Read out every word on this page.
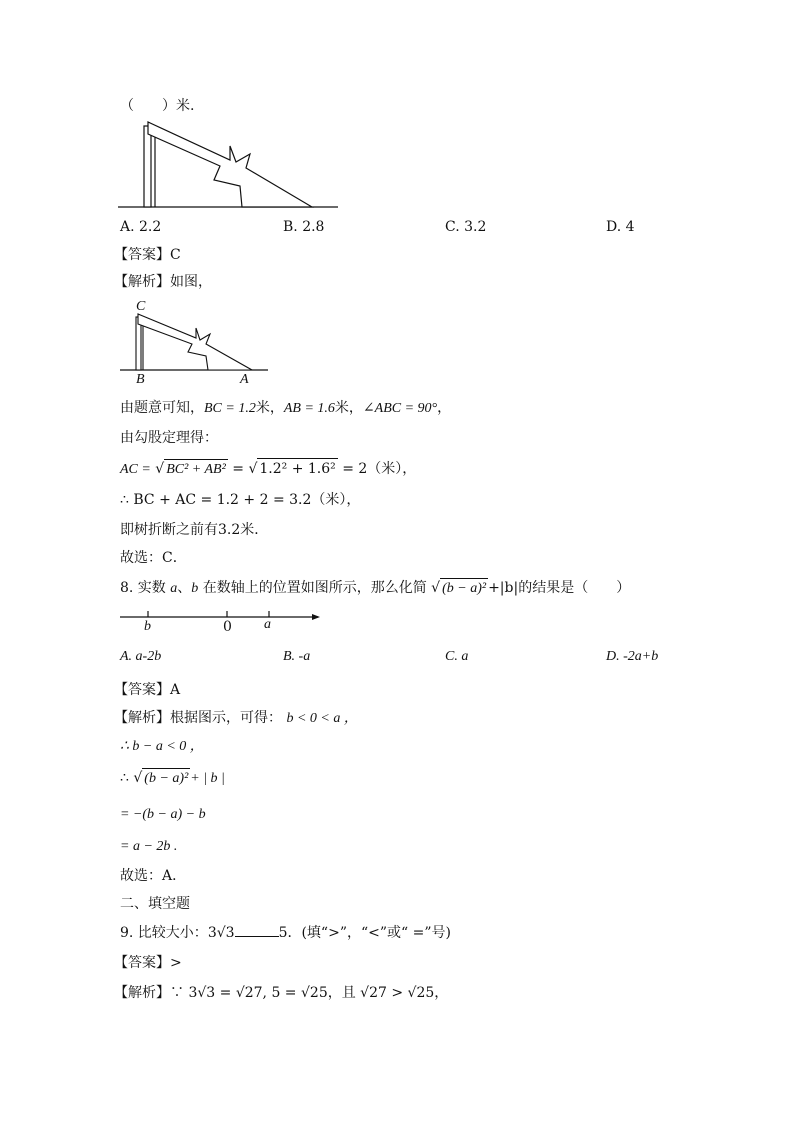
（　　）米.
A. 2.2	B. 2.8	C. 3.2	D. 4
【答案】C
【解析】如图，
C
B	A
由题意可知，BC = 1.2米，AB = 1.6米，∠ABC = 90°，
由勾股定理得：
AC = √ BC² + AB² = √ 1.2² + 1.6² = 2（米），
∴ BC + AC = 1.2 + 2 = 3.2（米），
即树折断之前有3.2米．
故选：C．
8. 实数 a、b 在数轴上的位置如图所示，那么化简 √ (b − a)² +|b|的结果是（　　）
b	0 a
A. a-2b	B. -a	C. a	D. -2a+b
【答案】A
【解析】根据图示，可得： b < 0 < a ，
∴ b − a < 0 ，
∴ √ (b − a)² + | b |
= −(b − a) − b
= a − 2b .
故选：A．
二、填空题
9. 比较大小：3√3	5．(填“>”，“<”或“ =”号)
【答案】>
【解析】∵ 3√3 = √27, 5 = √25，且 √27 > √25，
